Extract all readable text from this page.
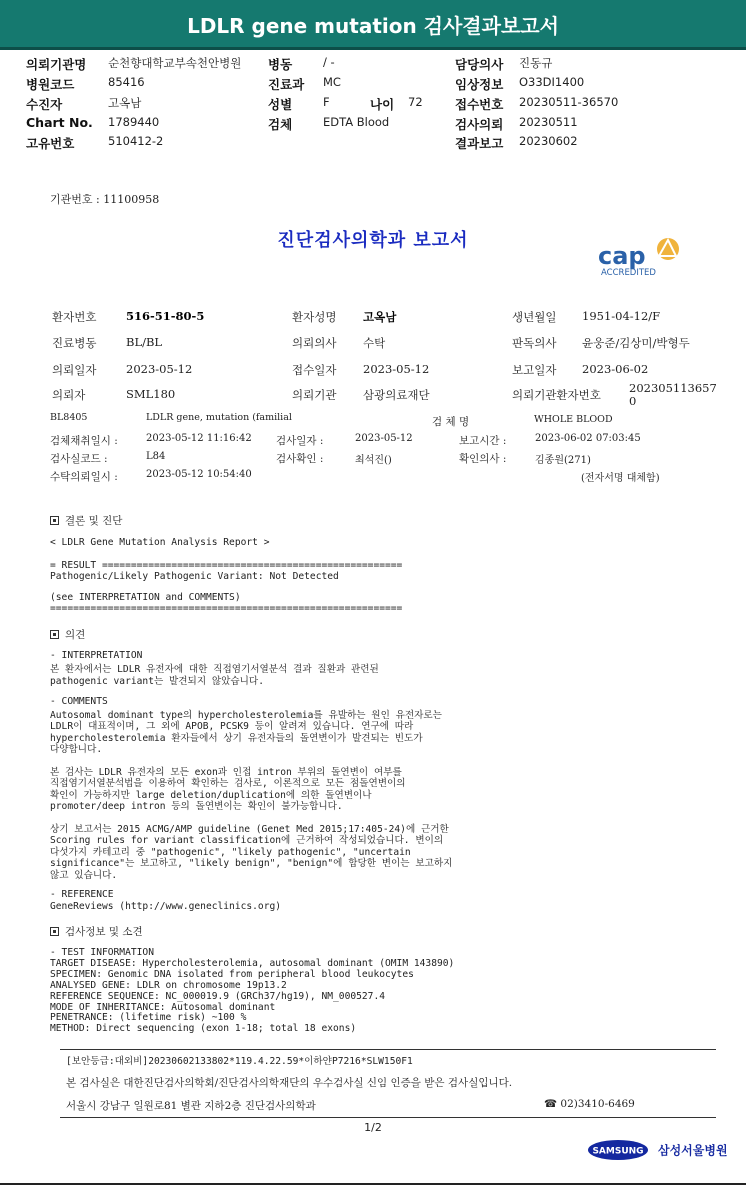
LDLR gene mutation 검사결과보고서
의뢰기관명 순천향대학교부속천안병원 병동	/ -	담당의사 진동규
병원코드	85416	진료과 MC	임상정보 O33DI1400
수진자	고옥남	성별	F	나이 72	접수번호 20230511-36570
Chart No. 1789440	검체	EDTA Blood	검사의뢰 20230511
고유번호	510412-2	결과보고 20230602
기관번호 : 11100958
진단검사의학과 보고서
cap
ACCREDITED
환자번호	516-51-80-5	환자성명 고옥남	생년월일 1951-04-12/F
진료병동	BL/BL	의뢰의사 수탁	판독의사 윤웅준/김상미/박형두
의뢰일자	2023-05-12	접수일자 2023-05-12	보고일자 2023-06-02
의뢰자	SML180	의뢰기관 삼광의료재단	의뢰기관환자번호 202305113657
0
BL8405	LDLR gene, mutation (familial	검 체 명	WHOLE BLOOD
검체채취일시 :	2023-05-12 11:16:42 검사일자 :	2023-05-12	보고시간 :	2023-06-02 07:03:45
검사실코드 :	L84	검사확인 :	최석진()	확인의사 :	김종원(271)
수탁의뢰일시 :	2023-05-12 10:54:40	(전자서명 대체함)
결론 및 진단
< LDLR Gene Mutation Analysis Report >
= RESULT ====================================================
Pathogenic/Likely Pathogenic Variant: Not Detected
(see INTERPRETATION and COMMENTS)
=============================================================
의견
- INTERPRETATION
본 환자에서는 LDLR 유전자에 대한 직접염기서열분석 결과 질환과 관련된
pathogenic variant는 발견되지 않았습니다.
- COMMENTS
Autosomal dominant type의 hypercholesterolemia를 유발하는 원인 유전자로는
LDLR이 대표적이며, 그 외에 APOB, PCSK9 등이 알려져 있습니다. 연구에 따라
hypercholesterolemia 환자들에서 상기 유전자들의 돌연변이가 발견되는 빈도가
다양합니다.
본 검사는 LDLR 유전자의 모든 exon과 인접 intron 부위의 돌연변이 여부를
직접염기서열분석법을 이용하여 확인하는 검사로, 이론적으로 모든 점돌연변이의
확인이 가능하지만 large deletion/duplication에 의한 돌연변이나
promoter/deep intron 등의 돌연변이는 확인이 불가능합니다.
상기 보고서는 2015 ACMG/AMP guideline (Genet Med 2015;17:405-24)에 근거한
Scoring rules for variant classification에 근거하여 작성되었습니다. 변이의
다섯가지 카테고리 중 "pathogenic", "likely pathogenic", "uncertain
significance"는 보고하고, "likely benign", "benign"에 합당한 변이는 보고하지
않고 있습니다.
- REFERENCE
GeneReviews (http://www.geneclinics.org)
검사정보 및 소견
- TEST INFORMATION
TARGET DISEASE: Hypercholesterolemia, autosomal dominant (OMIM 143890)
SPECIMEN: Genomic DNA isolated from peripheral blood leukocytes
ANALYSED GENE: LDLR on chromosome 19p13.2
REFERENCE SEQUENCE: NC_000019.9 (GRCh37/hg19), NM_000527.4
MODE OF INHERITANCE: Autosomal dominant
PENETRANCE: (lifetime risk) ~100 %
METHOD: Direct sequencing (exon 1-18; total 18 exons)
[보안등급:대외비]20230602133802*119.4.22.59*이하얀P7216*SLW150F1
본 검사실은 대한진단검사의학회/진단검사의학재단의 우수검사실 신임 인증을 받은 검사실입니다.
서울시 강남구 일원로81 별관 지하2층 진단검사의학과	☎ 02)3410-6469
1/2
SAMSUNG 삼성서울병원
